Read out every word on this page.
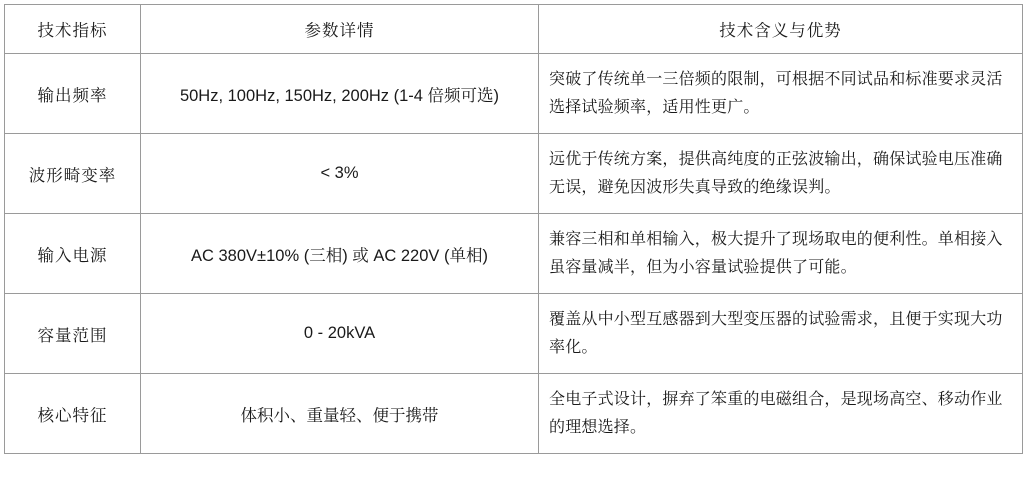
技术指标	参数详情	技术含义与优势
输出频率	50Hz, 100Hz, 150Hz, 200Hz (1-4 倍频可选)	突破了传统单一三倍频的限制，可根据不同试品和标准要求灵活选择试验频率，适用性更广。
波形畸变率	< 3%	远优于传统方案，提供高纯度的正弦波输出，确保试验电压准确无误，避免因波形失真导致的绝缘误判。
输入电源	AC 380V±10% (三相) 或 AC 220V (单相)	兼容三相和单相输入，极大提升了现场取电的便利性。单相接入虽容量减半，但为小容量试验提供了可能。
容量范围	0 - 20kVA	覆盖从中小型互感器到大型变压器的试验需求，且便于实现大功率化。
核心特征	体积小、重量轻、便于携带	全电子式设计，摒弃了笨重的电磁组合，是现场高空、移动作业的理想选择。
